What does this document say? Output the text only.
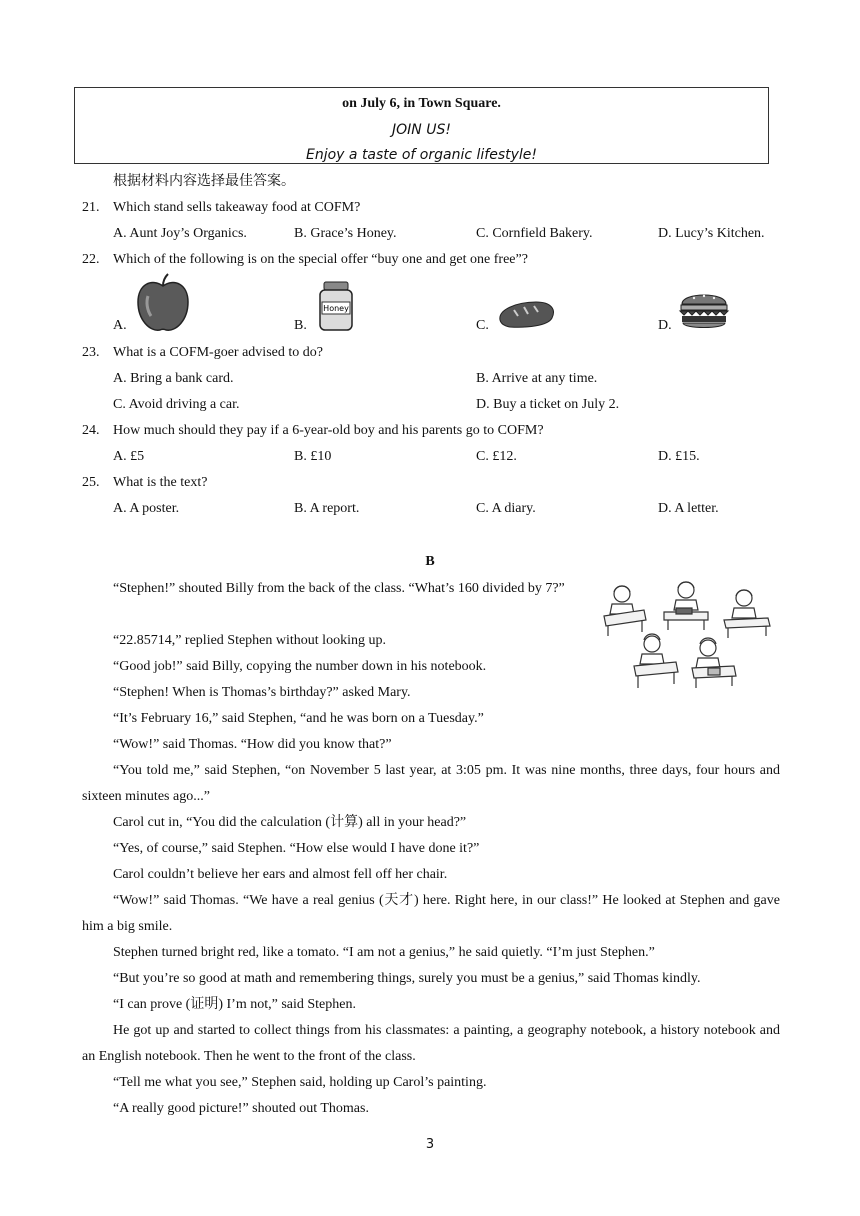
on July 6, in Town Square.
JOIN US!
Enjoy a taste of organic lifestyle!
根据材料内容选择最佳答案。
21. Which stand sells takeaway food at COFM?
A. Aunt Joy’s Organics.	B. Grace’s Honey.	C. Cornfield Bakery.	D. Lucy’s Kitchen.
22. Which of the following is on the special offer “buy one and get one free”?
A.	B.
Honey
C.	D.
23. What is a COFM-goer advised to do?
A. Bring a bank card.	B. Arrive at any time.
C. Avoid driving a car.	D. Buy a ticket on July 2.
24. How much should they pay if a 6-year-old boy and his parents go to COFM?
A. £5	B. £10	C. £12.	D. £15.
25. What is the text?
A. A poster.	B. A report.	C. A diary.	D. A letter.
B
“Stephen!” shouted Billy from the back of the class. “What’s 160 divided by 7?”
“22.85714,” replied Stephen without looking up.
“Good job!” said Billy, copying the number down in his notebook.
“Stephen! When is Thomas’s birthday?” asked Mary.
“It’s February 16,” said Stephen, “and he was born on a Tuesday.”
“Wow!” said Thomas. “How did you know that?”
“You told me,” said Stephen, “on November 5 last year, at 3:05 pm. It was nine months, three days, four hours and sixteen minutes ago...”
Carol cut in, “You did the calculation (计算) all in your head?”
“Yes, of course,” said Stephen. “How else would I have done it?”
Carol couldn’t believe her ears and almost fell off her chair.
“Wow!” said Thomas. “We have a real genius (天才) here. Right here, in our class!” He looked at Stephen and gave him a big smile.
Stephen turned bright red, like a tomato. “I am not a genius,” he said quietly. “I’m just Stephen.”
“But you’re so good at math and remembering things, surely you must be a genius,” said Thomas kindly.
“I can prove (证明) I’m not,” said Stephen.
He got up and started to collect things from his classmates: a painting, a geography notebook, a history notebook and an English notebook. Then he went to the front of the class.
“Tell me what you see,” Stephen said, holding up Carol’s painting.
“A really good picture!” shouted out Thomas.
3
